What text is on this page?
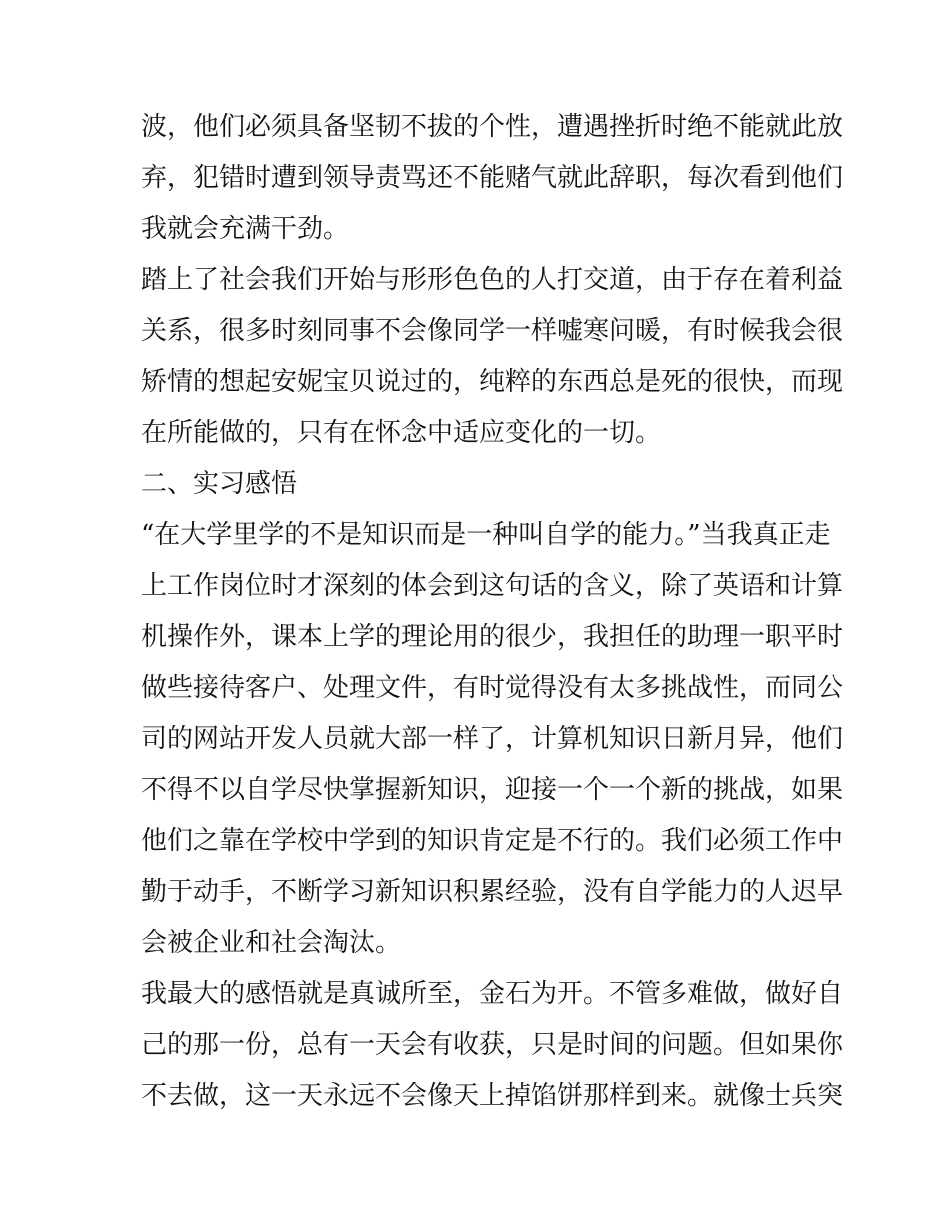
波，他们必须具备坚韧不拔的个性，遭遇挫折时绝不能就此放
弃，犯错时遭到领导责骂还不能赌气就此辞职，每次看到他们
我就会充满干劲。
踏上了社会我们开始与形形色色的人打交道，由于存在着利益
关系，很多时刻同事不会像同学一样嘘寒问暖，有时候我会很
矫情的想起安妮宝贝说过的，纯粹的东西总是死的很快，而现
在所能做的，只有在怀念中适应变化的一切。
二、实习感悟
“在大学里学的不是知识而是一种叫自学的能力。”当我真正走
上工作岗位时才深刻的体会到这句话的含义，除了英语和计算
机操作外，课本上学的理论用的很少，我担任的助理一职平时
做些接待客户、处理文件，有时觉得没有太多挑战性，而同公
司的网站开发人员就大部一样了，计算机知识日新月异，他们
不得不以自学尽快掌握新知识，迎接一个一个新的挑战，如果
他们之靠在学校中学到的知识肯定是不行的。我们必须工作中
勤于动手，不断学习新知识积累经验，没有自学能力的人迟早
会被企业和社会淘汰。
我最大的感悟就是真诚所至，金石为开。不管多难做，做好自
己的那一份，总有一天会有收获，只是时间的问题。但如果你
不去做，这一天永远不会像天上掉馅饼那样到来。就像士兵突
